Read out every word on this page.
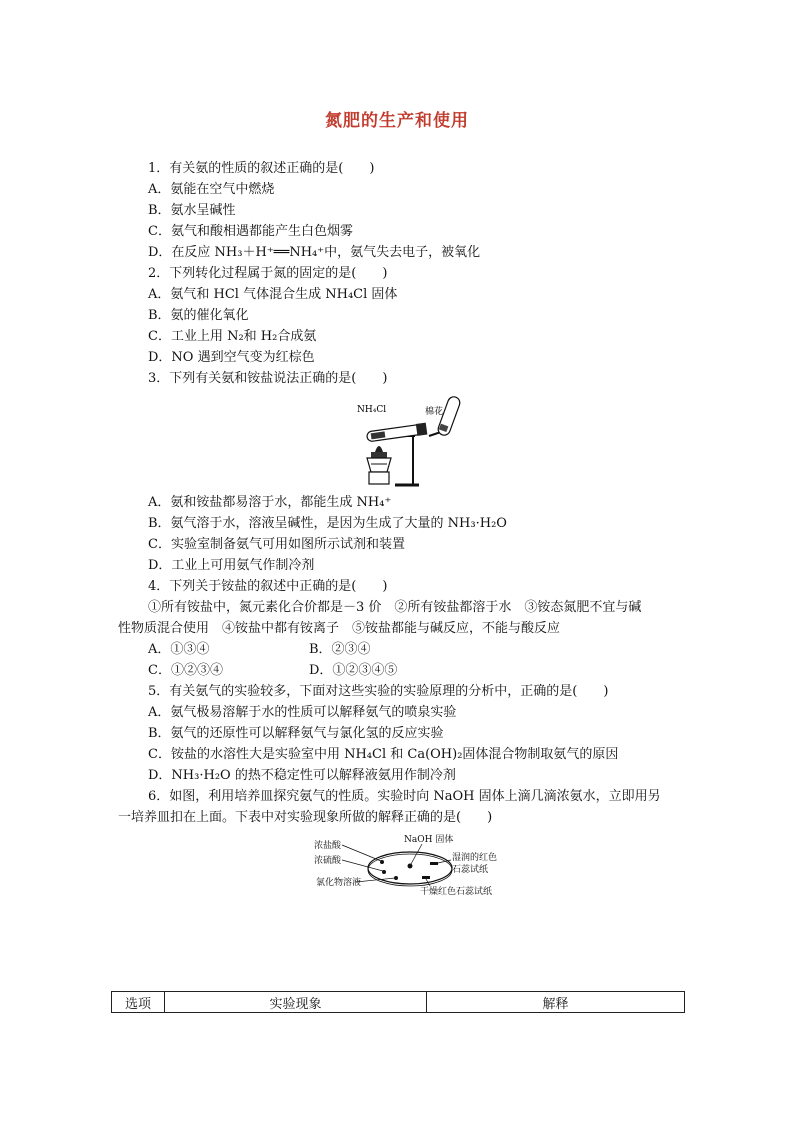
氮肥的生产和使用
1．有关氨的性质的叙述正确的是(　　)
A．氨能在空气中燃烧
B．氨水呈碱性
C．氨气和酸相遇都能产生白色烟雾
D．在反应 NH₃＋H⁺══NH₄⁺中，氨气失去电子，被氧化
2．下列转化过程属于氮的固定的是(　　)
A．氨气和 HCl 气体混合生成 NH₄Cl 固体
B．氨的催化氧化
C．工业上用 N₂和 H₂合成氨
D．NO 遇到空气变为红棕色
3．下列有关氨和铵盐说法正确的是(　　)
NH₄Cl	棉花
A．氨和铵盐都易溶于水，都能生成 NH₄⁺
B．氨气溶于水，溶液呈碱性，是因为生成了大量的 NH₃·H₂O
C．实验室制备氨气可用如图所示试剂和装置
D．工业上可用氨气作制冷剂
4．下列关于铵盐的叙述中正确的是(　　)
①所有铵盐中，氮元素化合价都是－3 价　②所有铵盐都溶于水　③铵态氮肥不宜与碱
性物质混合使用　④铵盐中都有铵离子　⑤铵盐都能与碱反应，不能与酸反应
A．①③④	B．②③④
C．①②③④	D．①②③④⑤
5．有关氨气的实验较多，下面对这些实验的实验原理的分析中，正确的是(　　)
A．氨气极易溶解于水的性质可以解释氨气的喷泉实验
B．氨气的还原性可以解释氨气与氯化氢的反应实验
C．铵盐的水溶性大是实验室中用 NH₄Cl 和 Ca(OH)₂固体混合物制取氨气的原因
D．NH₃·H₂O 的热不稳定性可以解释液氨用作制冷剂
6．如图，利用培养皿探究氨气的性质。实验时向 NaOH 固体上滴几滴浓氨水，立即用另
一培养皿扣在上面。下表中对实验现象所做的解释正确的是(　　)
NaOH 固体
浓盐酸
浓硫酸
氯化物溶液
湿润的红色
石蕊试纸
干燥红色石蕊试纸
选项	实验现象	解释
